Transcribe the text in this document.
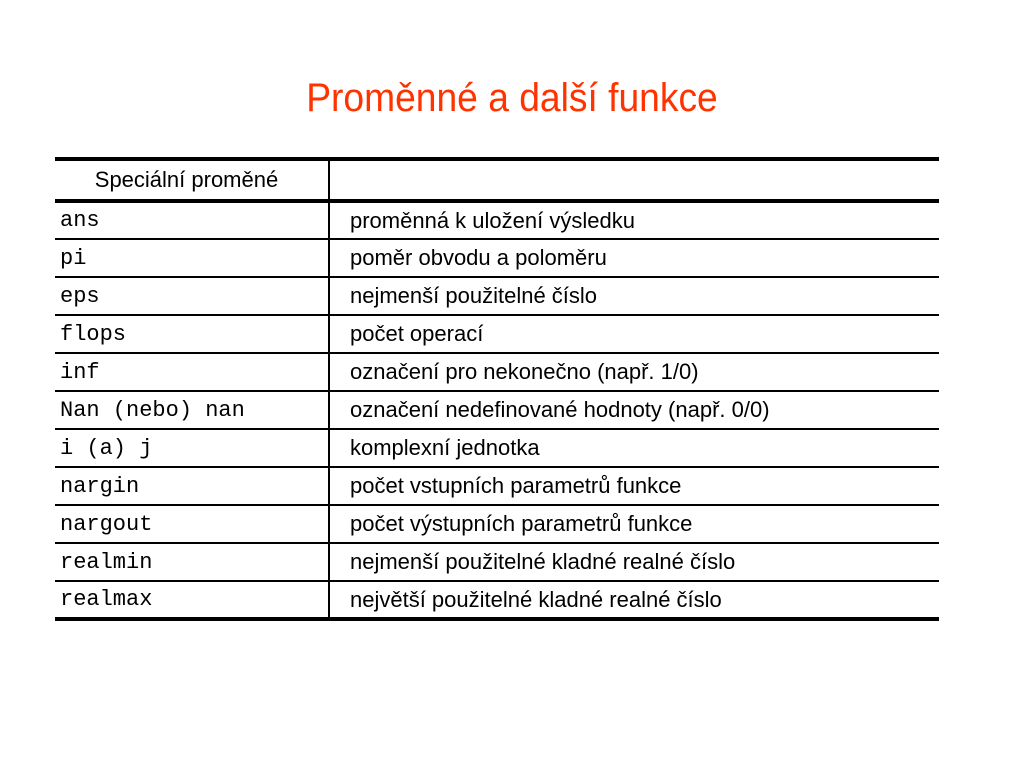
Proměnné a další funkce
Speciální proměné	
ans	proměnná k uložení výsledku
pi	poměr obvodu a poloměru
eps	nejmenší použitelné číslo
flops	počet operací
inf	označení pro nekonečno (např. 1/0)
Nan (nebo) nan	označení nedefinované hodnoty (např. 0/0)
i (a) j	komplexní jednotka
nargin	počet vstupních parametrů funkce
nargout	počet výstupních parametrů funkce
realmin	nejmenší použitelné kladné realné číslo
realmax	největší použitelné kladné realné číslo
